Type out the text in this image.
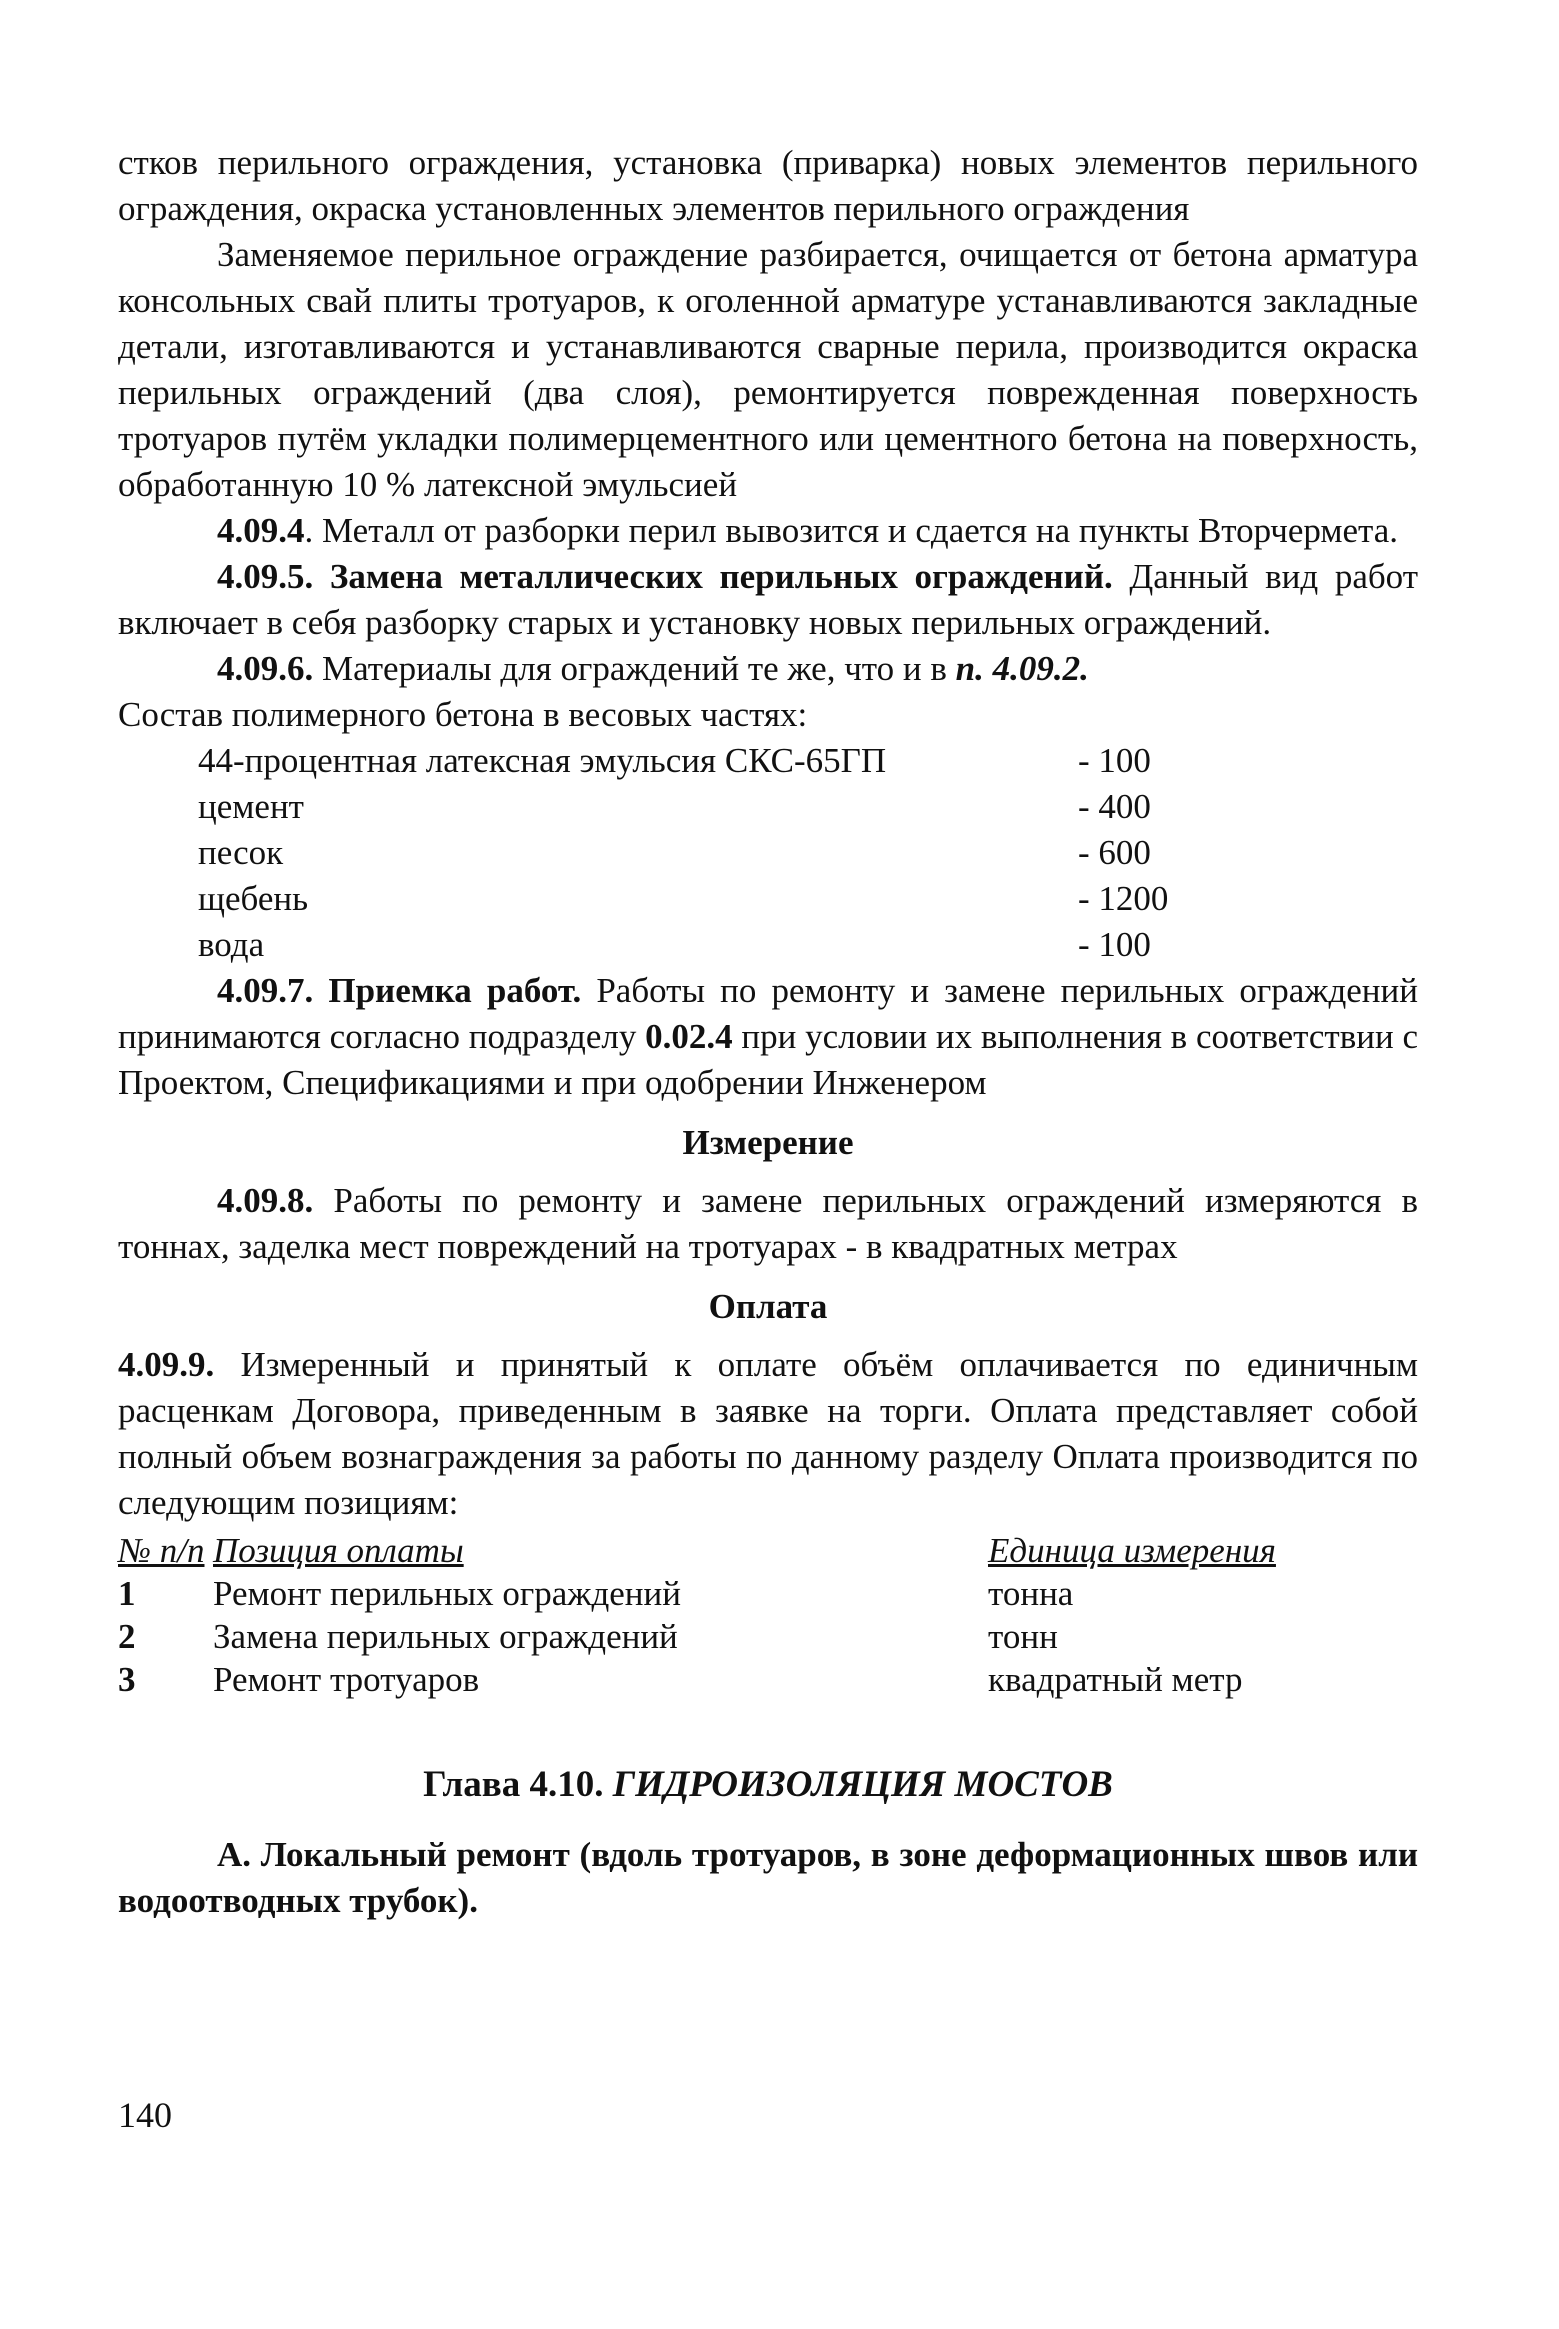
стков перильного ограждения, установка (приварка) новых элементов перильного ограждения, окраска установленных элементов перильного ограждения

Заменяемое перильное ограждение разбирается, очищается от бетона арматура консольных свай плиты тротуаров, к оголенной арматуре устанавливаются закладные детали, изготавливаются и устанавливаются сварные перила, производится окраска перильных ограждений (два слоя), ремонтируется поврежденная поверхность тротуаров путём укладки полимерцементного или цементного бетона на поверхность, обработанную 10 % латексной эмульсией

4.09.4. Металл от разборки перил вывозится и сдается на пункты Вторчермета.

4.09.5. Замена металлических перильных ограждений. Данный вид работ включает в себя разборку старых и установку новых перильных ограждений.

4.09.6. Материалы для ограждений те же, что и в п. 4.09.2.

Состав полимерного бетона в весовых частях:

44-процентная латексная эмульсия СКС-65ГП	- 100
цемент	- 400
песок	- 600
щебень	- 1200
вода	- 100

4.09.7. Приемка работ. Работы по ремонту и замене перильных ограждений принимаются согласно подразделу 0.02.4 при условии их выполнения в соответствии с Проектом, Спецификациями и при одобрении Инженером

Измерение

4.09.8. Работы по ремонту и замене перильных ограждений измеряются в тоннах, заделка мест повреждений на тротуарах - в квадратных метрах

Оплата

4.09.9. Измеренный и принятый к оплате объём оплачивается по единичным расценкам Договора, приведенным в заявке на торги. Оплата представляет собой полный объем вознаграждения за работы по данному разделу Оплата производится по следующим позициям:

№ п/п Позиция оплаты	Единица измерения
1	Ремонт перильных ограждений	тонна
2	Замена перильных ограждений	тонн
3	Ремонт тротуаров	квадратный метр
Глава 4.10. ГИДРОИЗОЛЯЦИЯ МОСТОВ

А. Локальный ремонт (вдоль тротуаров, в зоне деформационных швов или водоотводных трубок).

140
